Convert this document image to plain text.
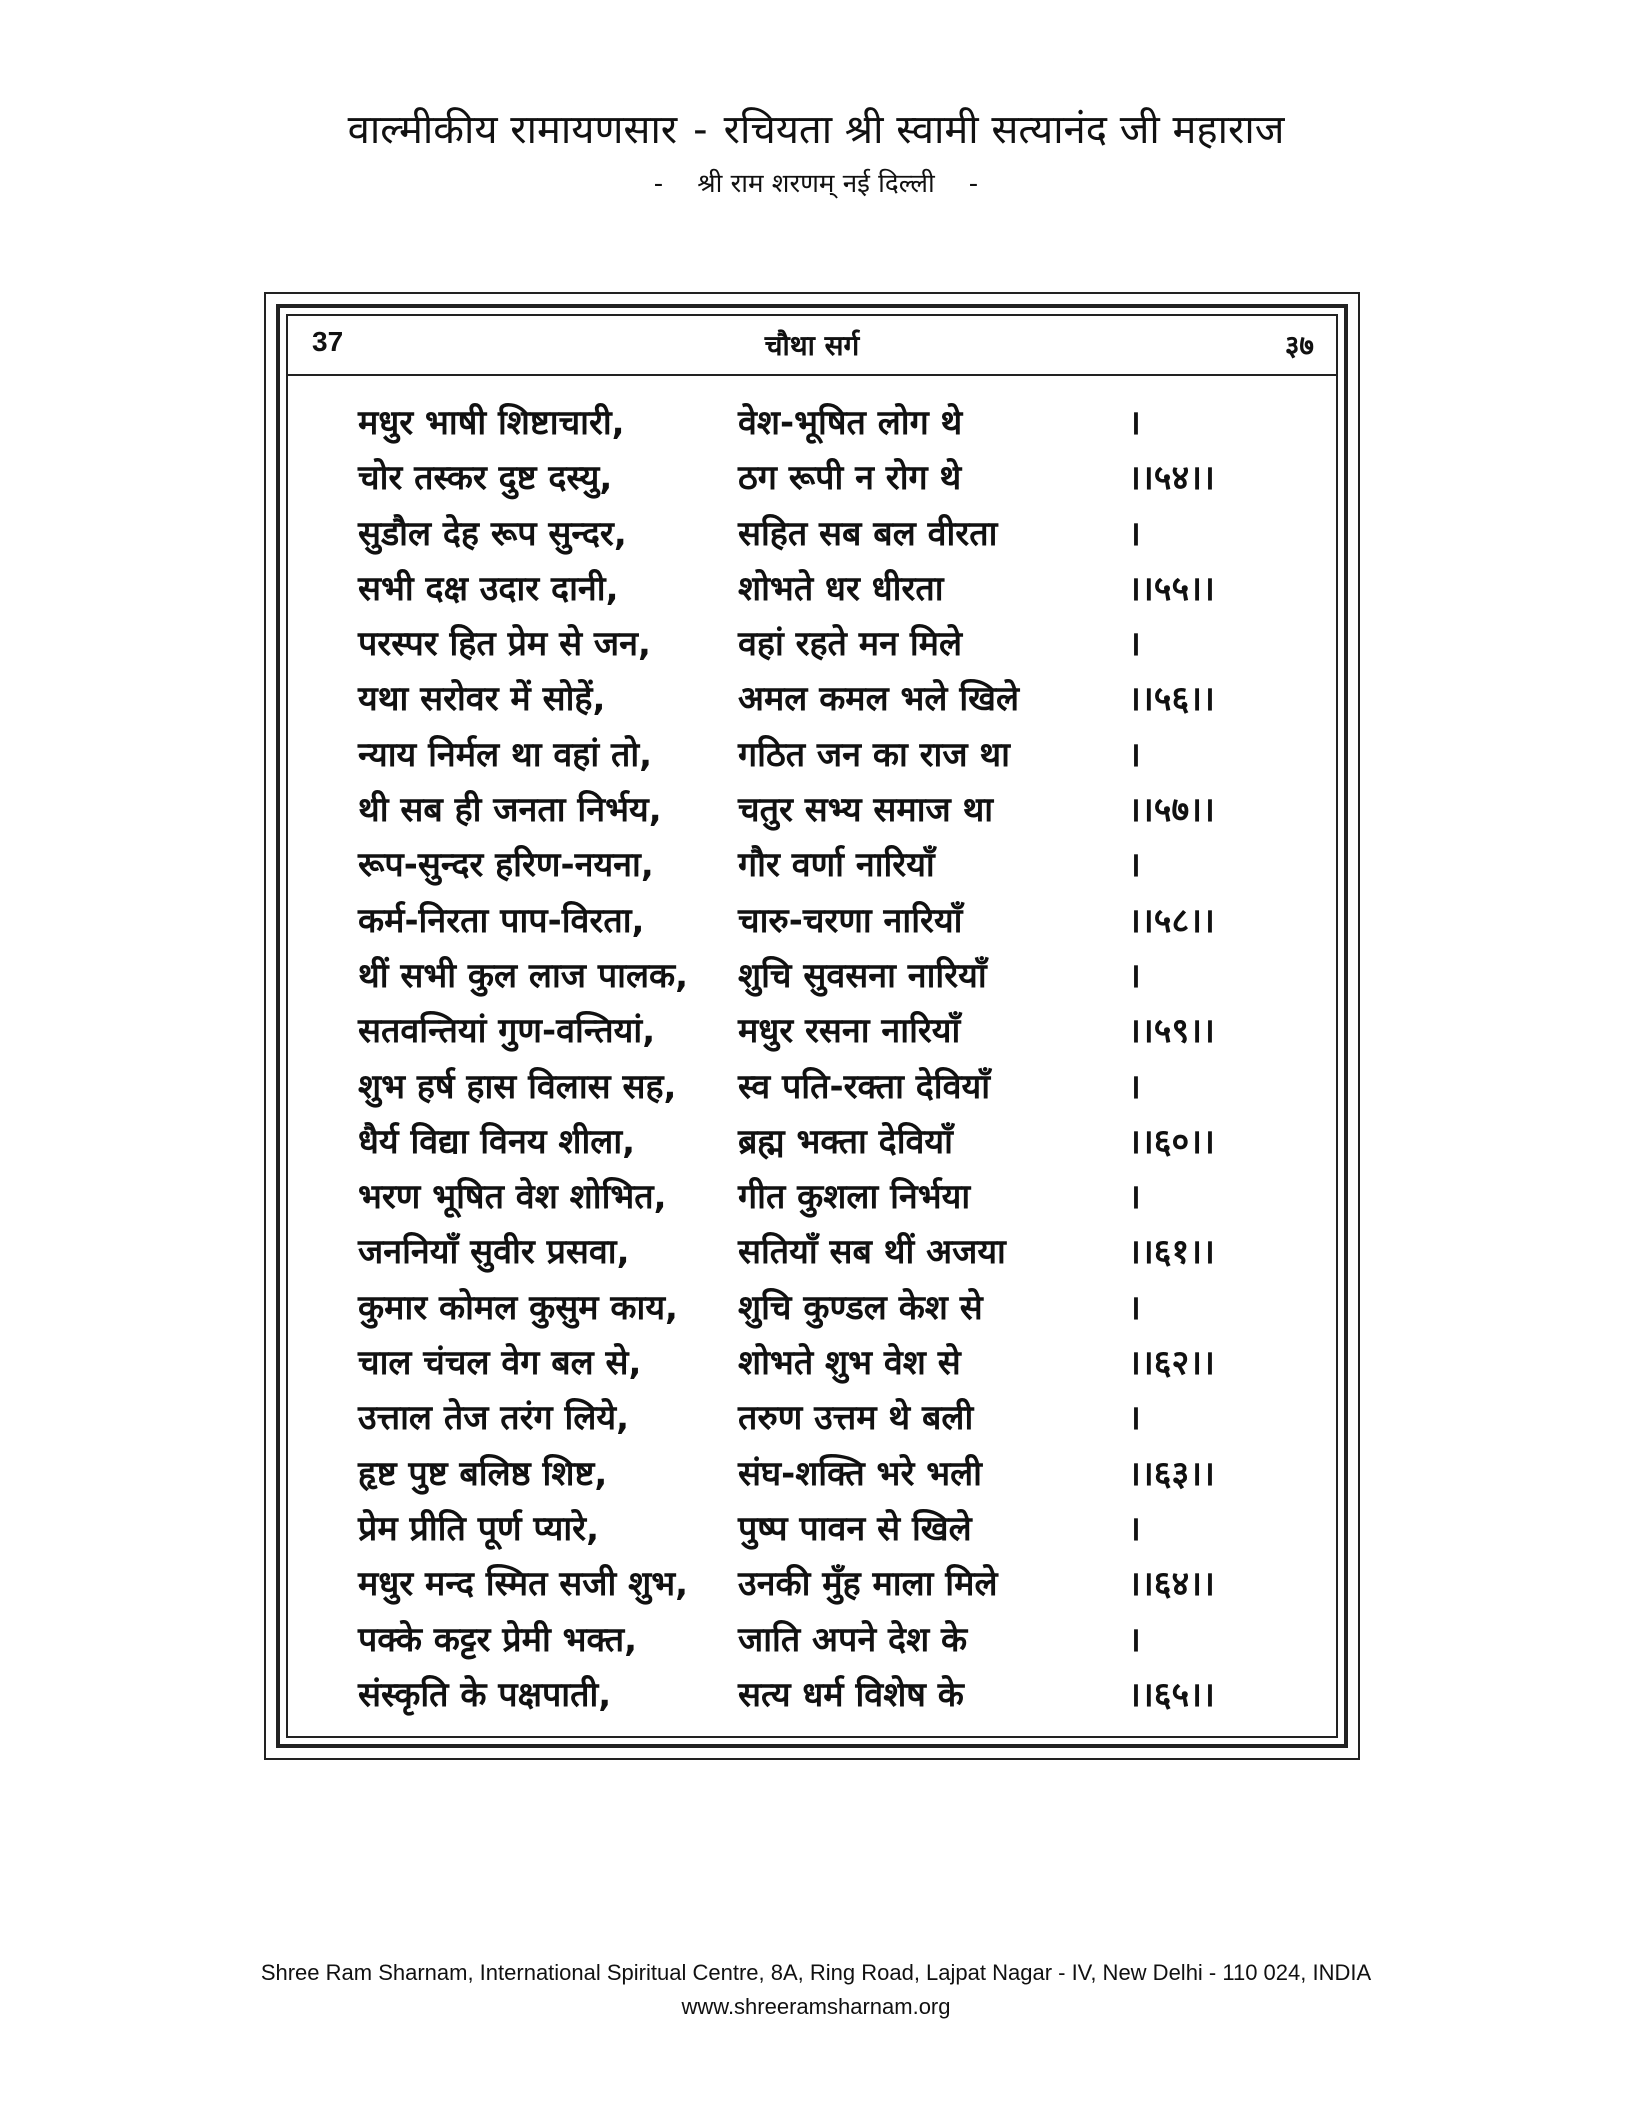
वाल्मीकीय रामायणसार - रचियता श्री स्वामी सत्यानंद जी महाराज
- श्री राम शरणम् नई दिल्ली -
37	चौथा सर्ग	३७
मधुर भाषी शिष्टाचारी,	वेश-भूषित लोग थे	।
चोर तस्कर दुष्ट दस्यु,	ठग रूपी न रोग थे	।।५४।।
सुडौल देह रूप सुन्दर,	सहित सब बल वीरता	।
सभी दक्ष उदार दानी,	शोभते धर धीरता	।।५५।।
परस्पर हित प्रेम से जन,	वहां रहते मन मिले	।
यथा सरोवर में सोहें,	अमल कमल भले खिले	।।५६।।
न्याय निर्मल था वहां तो,	गठित जन का राज था	।
थी सब ही जनता निर्भय,	चतुर सभ्य समाज था	।।५७।।
रूप-सुन्दर हरिण-नयना,	गौर वर्णा नारियाँ	।
कर्म-निरता पाप-विरता,	चारु-चरणा नारियाँ	।।५८।।
थीं सभी कुल लाज पालक,	शुचि सुवसना नारियाँ	।
सतवन्तियां गुण-वन्तियां,	मधुर रसना नारियाँ	।।५९।।
शुभ हर्ष हास विलास सह,	स्व पति-रक्ता देवियाँ	।
धैर्य विद्या विनय शीला,	ब्रह्म भक्ता देवियाँ	।।६०।।
भरण भूषित वेश शोभित,	गीत कुशला निर्भया	।
जननियाँ सुवीर प्रसवा,	सतियाँ सब थीं अजया	।।६१।।
कुमार कोमल कुसुम काय,	शुचि कुण्डल केश से	।
चाल चंचल वेग बल से,	शोभते शुभ वेश से	।।६२।।
उत्ताल तेज तरंग लिये,	तरुण उत्तम थे बली	।
हृष्ट पुष्ट बलिष्ठ शिष्ट,	संघ-शक्ति भरे भली	।।६३।।
प्रेम प्रीति पूर्ण प्यारे,	पुष्प पावन से खिले	।
मधुर मन्द स्मित सजी शुभ,	उनकी मुँह माला मिले	।।६४।।
पक्के कट्टर प्रेमी भक्त,	जाति अपने देश के	।
संस्कृति के पक्षपाती,	सत्य धर्म विशेष के	।।६५।।
Shree Ram Sharnam, International Spiritual Centre, 8A, Ring Road, Lajpat Nagar - IV, New Delhi - 110 024, INDIA
www.shreeramsharnam.org
